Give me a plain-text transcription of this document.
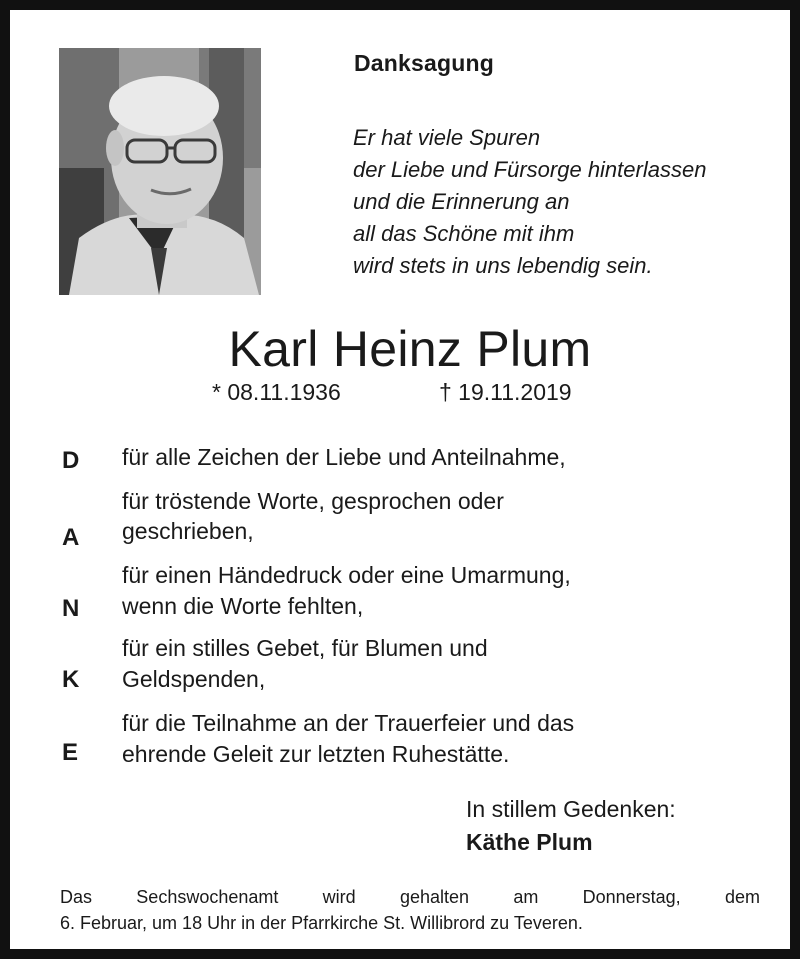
Danksagung
Er hat viele Spuren
der Liebe und Fürsorge hinterlassen
und die Erinnerung an
all das Schöne mit ihm
wird stets in uns lebendig sein.
Karl Heinz Plum
* 08.11.1936	† 19.11.2019
D
A
N
K
E
für alle Zeichen der Liebe und Anteilnahme,
für tröstende Worte, gesprochen oder
geschrieben,
für einen Händedruck oder eine Umarmung,
wenn die Worte fehlten,
für ein stilles Gebet, für Blumen und
Geldspenden,
für die Teilnahme an der Trauerfeier und das
ehrende Geleit zur letzten Ruhestätte.
In stillem Gedenken:
Käthe Plum
Das Sechswochenamt wird gehalten am Donnerstag, dem
6. Februar, um 18 Uhr in der Pfarrkirche St. Willibrord zu Teveren.
